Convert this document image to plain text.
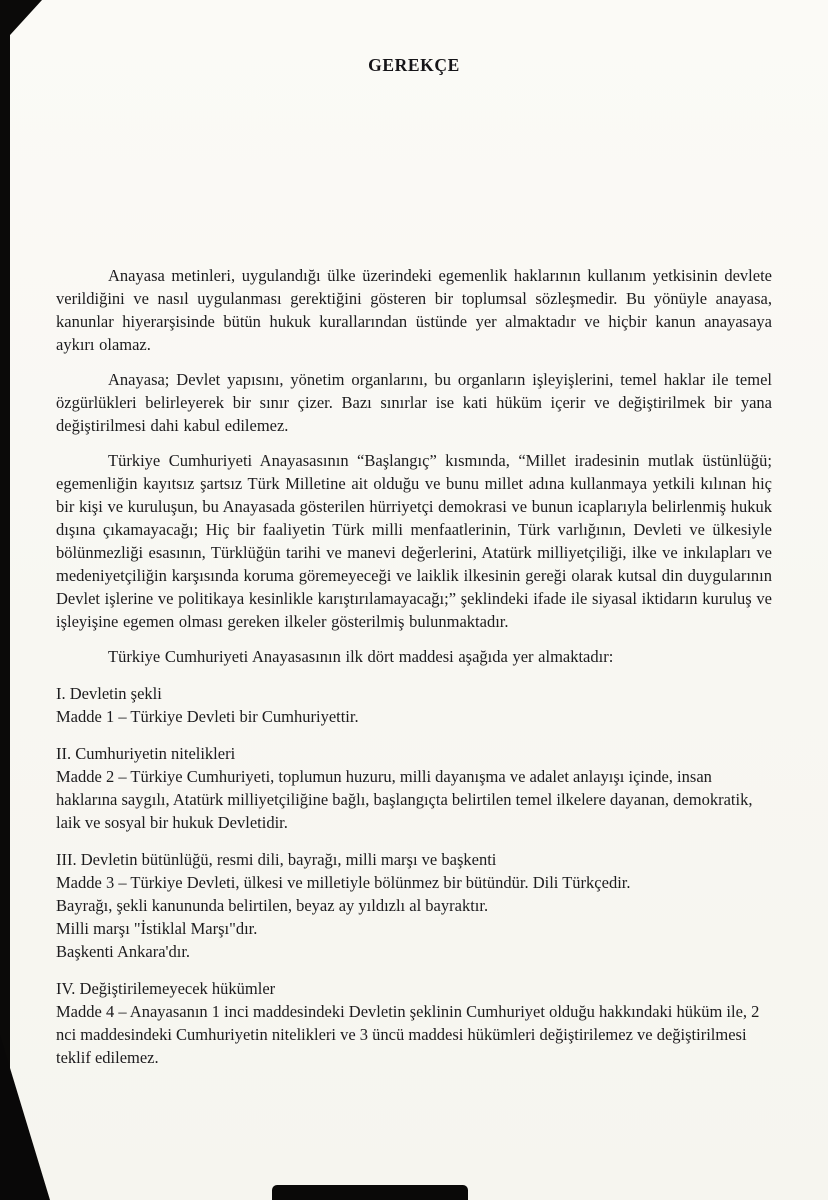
GEREKÇE

Anayasa metinleri, uygulandığı ülke üzerindeki egemenlik haklarının kullanım yetkisinin devlete verildiğini ve nasıl uygulanması gerektiğini gösteren bir toplumsal sözleşmedir. Bu yönüyle anayasa, kanunlar hiyerarşisinde bütün hukuk kurallarından üstünde yer almaktadır ve hiçbir kanun anayasaya aykırı olamaz.

Anayasa; Devlet yapısını, yönetim organlarını, bu organların işleyişlerini, temel haklar ile temel özgürlükleri belirleyerek bir sınır çizer. Bazı sınırlar ise kati hüküm içerir ve değiştirilmek bir yana değiştirilmesi dahi kabul edilemez.

Türkiye Cumhuriyeti Anayasasının “Başlangıç” kısmında, “Millet iradesinin mutlak üstünlüğü; egemenliğin kayıtsız şartsız Türk Milletine ait olduğu ve bunu millet adına kullanmaya yetkili kılınan hiç bir kişi ve kuruluşun, bu Anayasada gösterilen hürriyetçi demokrasi ve bunun icaplarıyla belirlenmiş hukuk dışına çıkamayacağı; Hiç bir faaliyetin Türk milli menfaatlerinin, Türk varlığının, Devleti ve ülkesiyle bölünmezliği esasının, Türklüğün tarihi ve manevi değerlerini, Atatürk milliyetçiliği, ilke ve inkılapları ve medeniyetçiliğin karşısında koruma göremeyeceği ve laiklik ilkesinin gereği olarak kutsal din duygularının Devlet işlerine ve politikaya kesinlikle karıştırılamayacağı;” şeklindeki ifade ile siyasal iktidarın kuruluş ve işleyişine egemen olması gereken ilkeler gösterilmiş bulunmaktadır.

Türkiye Cumhuriyeti Anayasasının ilk dört maddesi aşağıda yer almaktadır:

I. Devletin şekli
Madde 1 – Türkiye Devleti bir Cumhuriyettir.
II. Cumhuriyetin nitelikleri
Madde 2 – Türkiye Cumhuriyeti, toplumun huzuru, milli dayanışma ve adalet anlayışı içinde, insan haklarına saygılı, Atatürk milliyetçiliğine bağlı, başlangıçta belirtilen temel ilkelere dayanan, demokratik, laik ve sosyal bir hukuk Devletidir.
III. Devletin bütünlüğü, resmi dili, bayrağı, milli marşı ve başkenti
Madde 3 – Türkiye Devleti, ülkesi ve milletiyle bölünmez bir bütündür. Dili Türkçedir.
Bayrağı, şekli kanununda belirtilen, beyaz ay yıldızlı al bayraktır.
Milli marşı "İstiklal Marşı"dır.
Başkenti Ankara'dır.
IV. Değiştirilemeyecek hükümler
Madde 4 – Anayasanın 1 inci maddesindeki Devletin şeklinin Cumhuriyet olduğu hakkındaki hüküm ile, 2 nci maddesindeki Cumhuriyetin nitelikleri ve 3 üncü maddesi hükümleri değiştirilemez ve değiştirilmesi teklif edilemez.
